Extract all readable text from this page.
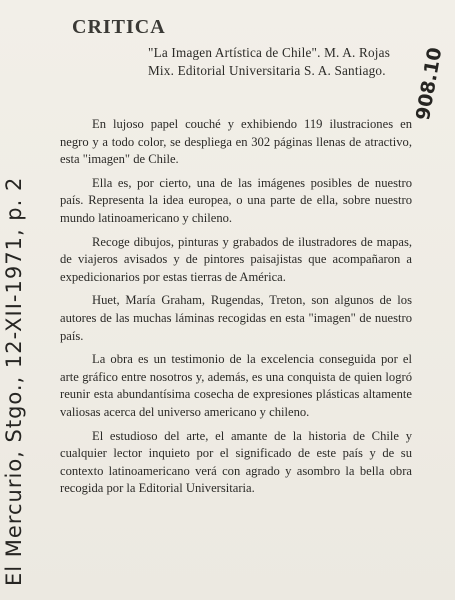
CRITICA
"La Imagen Artística de Chile". M. A. Rojas Mix. Editorial Universitaria S. A. Santiago.

En lujoso papel couché y exhibiendo 119 ilustraciones en negro y a todo color, se despliega en 302 páginas llenas de atractivo, esta "imagen" de Chile.

Ella es, por cierto, una de las imágenes posibles de nuestro país. Representa la idea europea, o una parte de ella, sobre nuestro mundo latinoamericano y chileno.

Recoge dibujos, pinturas y grabados de ilustradores de mapas, de viajeros avisados y de pintores paisajistas que acompañaron a expedicionarios por estas tierras de América.

Huet, María Graham, Rugendas, Treton, son algunos de los autores de las muchas láminas recogidas en esta "imagen" de nuestro país.

La obra es un testimonio de la excelencia conseguida por el arte gráfico entre nosotros y, además, es una conquista de quien logró reunir esta abundantísima cosecha de expresiones plásticas altamente valiosas acerca del universo americano y chileno.

El estudioso del arte, el amante de la historia de Chile y cualquier lector inquieto por el significado de este país y de su contexto latinoamericano verá con agrado y asombro la bella obra recogida por la Editorial Universitaria.

El Mercurio, Stgo., 12-XII-1971, p. 2
908.10
